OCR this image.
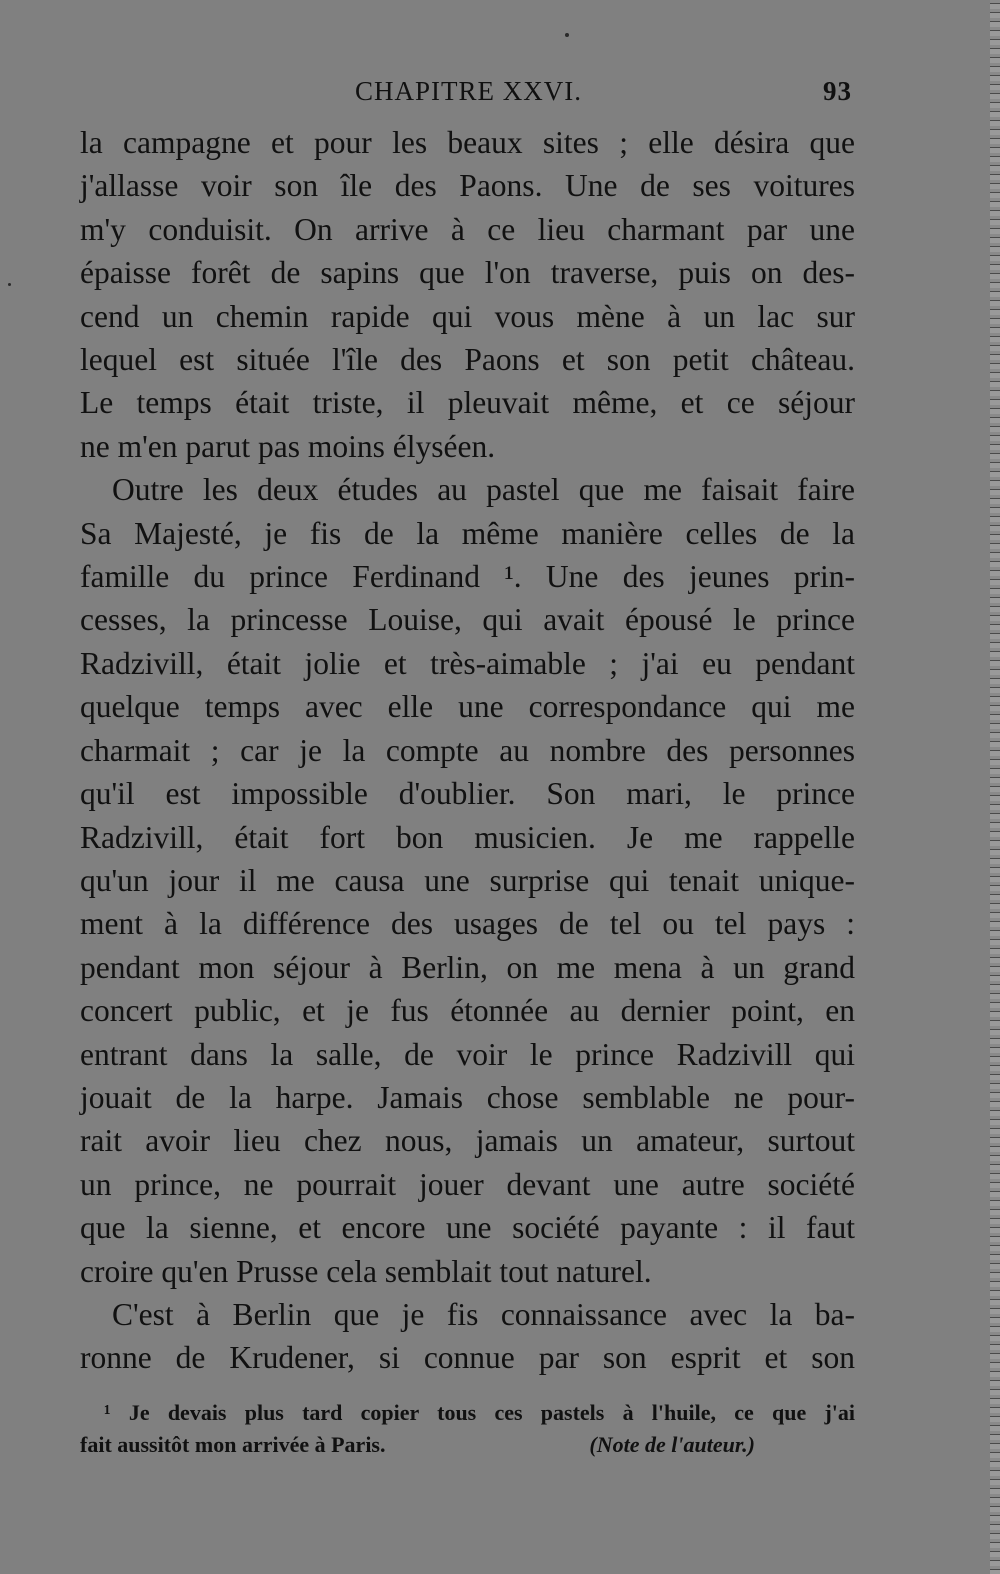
CHAPITRE XXVI.	93

la campagne et pour les beaux sites ; elle désira que
j'allasse voir son île des Paons. Une de ses voitures
m'y conduisit. On arrive à ce lieu charmant par une
épaisse forêt de sapins que l'on traverse, puis on des-
cend un chemin rapide qui vous mène à un lac sur
lequel est située l'île des Paons et son petit château.
Le temps était triste, il pleuvait même, et ce séjour
ne m'en parut pas moins élyséen.

Outre les deux études au pastel que me faisait faire
Sa Majesté, je fis de la même manière celles de la
famille du prince Ferdinand ¹. Une des jeunes prin-
cesses, la princesse Louise, qui avait épousé le prince
Radzivill, était jolie et très-aimable ; j'ai eu pendant
quelque temps avec elle une correspondance qui me
charmait ; car je la compte au nombre des personnes
qu'il est impossible d'oublier. Son mari, le prince
Radzivill, était fort bon musicien. Je me rappelle
qu'un jour il me causa une surprise qui tenait unique-
ment à la différence des usages de tel ou tel pays :
pendant mon séjour à Berlin, on me mena à un grand
concert public, et je fus étonnée au dernier point, en
entrant dans la salle, de voir le prince Radzivill qui
jouait de la harpe. Jamais chose semblable ne pour-
rait avoir lieu chez nous, jamais un amateur, surtout
un prince, ne pourrait jouer devant une autre société
que la sienne, et encore une société payante : il faut
croire qu'en Prusse cela semblait tout naturel.

C'est à Berlin que je fis connaissance avec la ba-
ronne de Krudener, si connue par son esprit et son

¹ Je devais plus tard copier tous ces pastels à l'huile, ce que j'ai
fait aussitôt mon arrivée à Paris.	(Note de l'auteur.)
